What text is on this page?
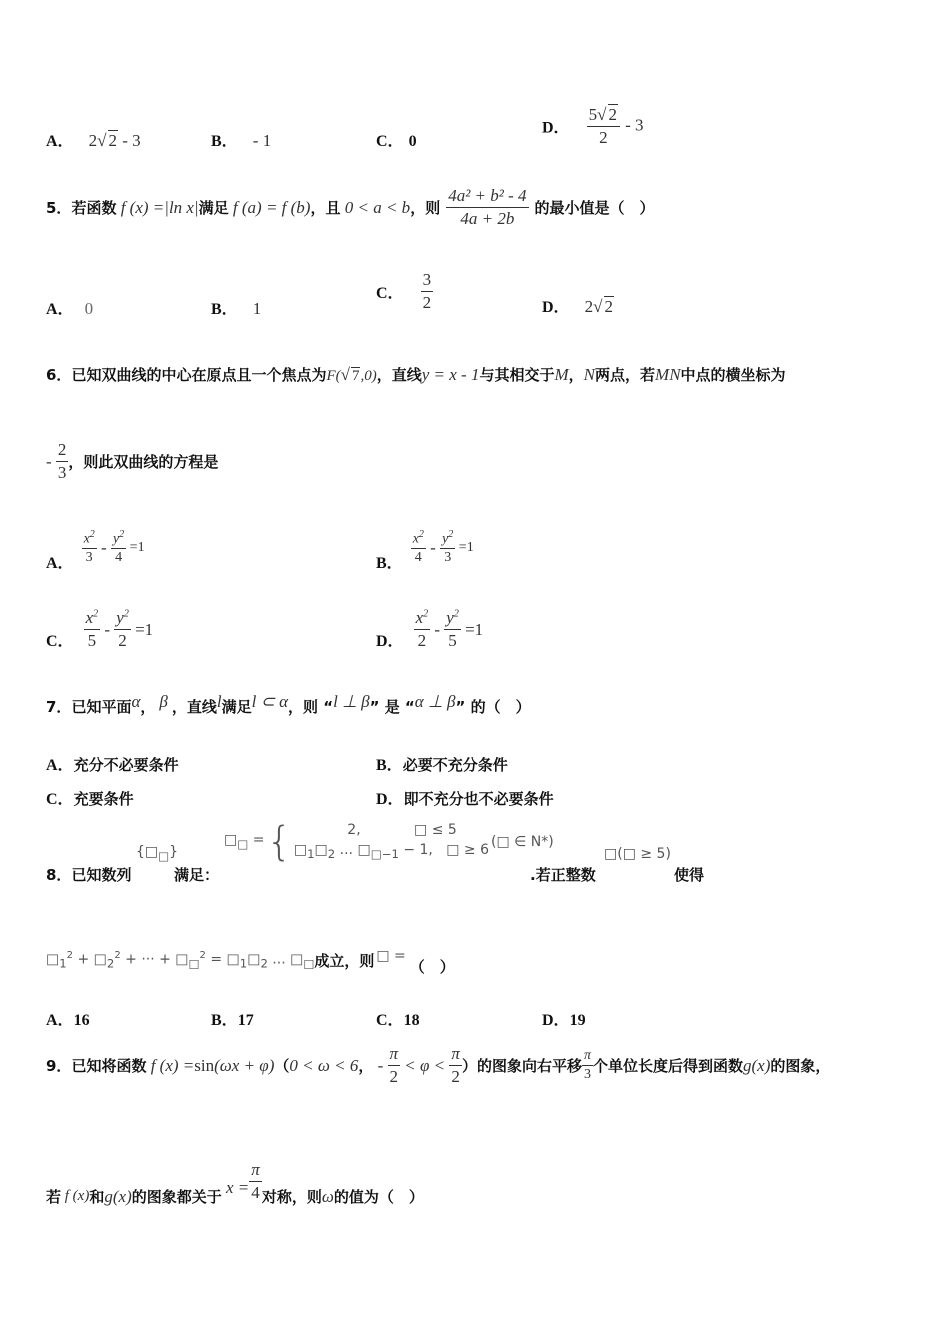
A． 2√ 2 - 3	B． - 1	C． 0
D． $\frac{5√ 2}{2} - 3$
5． 若函数 f (x) =|ln x| 满足 f (a) = f (b) ，且 0 < a < b ，则 $\frac{\text{4a² + b² - 4}}{4a + 2b}$ 的最小值是（　）
A． 0	B． 1
C． $\frac{3}{2}$	D． 2√ 2
6． 已知双曲线的中心在原点且一个焦点为 F(√ 7,0) ，直线 y = x - 1 与其相交于 M ， N 两点，若 MN 中点的横坐标为
- $\frac{2}{3}$ ，则此双曲线的方程是
A． $\frac{x^2}{3} - \frac{y^2}{4} =1$
B． $\frac{x^2}{4} - \frac{y^2}{3} =1$
C． $\frac{x^2}{5} - \frac{y^2}{2} =1$
D． $\frac{x^2}{2} - \frac{y^2}{5} =1$
7． 已知平面 α ， β ，直线 l 满足 l ⊂ α ，则 “ l ⊥ β ” 是 “ α ⊥ β ” 的（　）
A．充分不必要条件	B．必要不充分条件
C．充要条件	D．即不充分也不必要条件
8．已知数列
$\{□_□\}$
满足：
$□_□$ = { 2,            □ ≤ 5
$□_1□_2$ ... $□_{□-1} - 1$,   □ ≥ 6
(□ ∈ N*)
.若正整数
□(□ ≥ 5)
使得
$□_1^2$ + $□_2^2$ + ··· + $□_□^2$ = $□_1□_2$ ... $□_□$ 成立，则 □ =
（　）
A．16	B．17	C．18	D．19
9． 已知将函数 f (x) =sin(ωx + φ) （ 0 < ω < 6 ， - $\frac{\pi}{2} < \varphi < \frac{\pi}{2}$ ）的图象向右平移 $\frac{\pi}{3}$ 个单位长度后得到函数 g(x) 的图象，
若 f (x) 和 g(x) 的图象都关于
$x = \frac{\pi}{4}$ 对称，则 ω 的值为（　）
